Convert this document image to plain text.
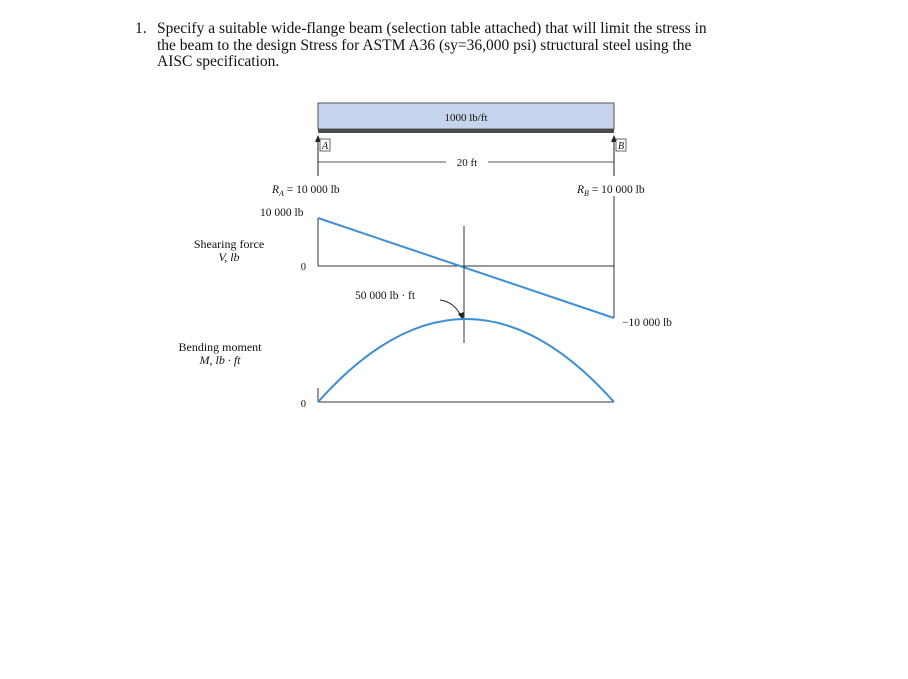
1. Specify a suitable wide-flange beam (selection table attached) that will limit the stress in
the beam to the design Stress for ASTM A36 (sy=36,000 psi) structural steel using the
AISC specification.
1000 lb/ft
A	B
20 ft
$R_A = 10$ 000 lb	$R_B = 10$ 000 lb
10 000 lb
Shearing force
V, lb
0
−10 000 lb
50 000 lb · ft
Bending moment
M, lb · ft
0
